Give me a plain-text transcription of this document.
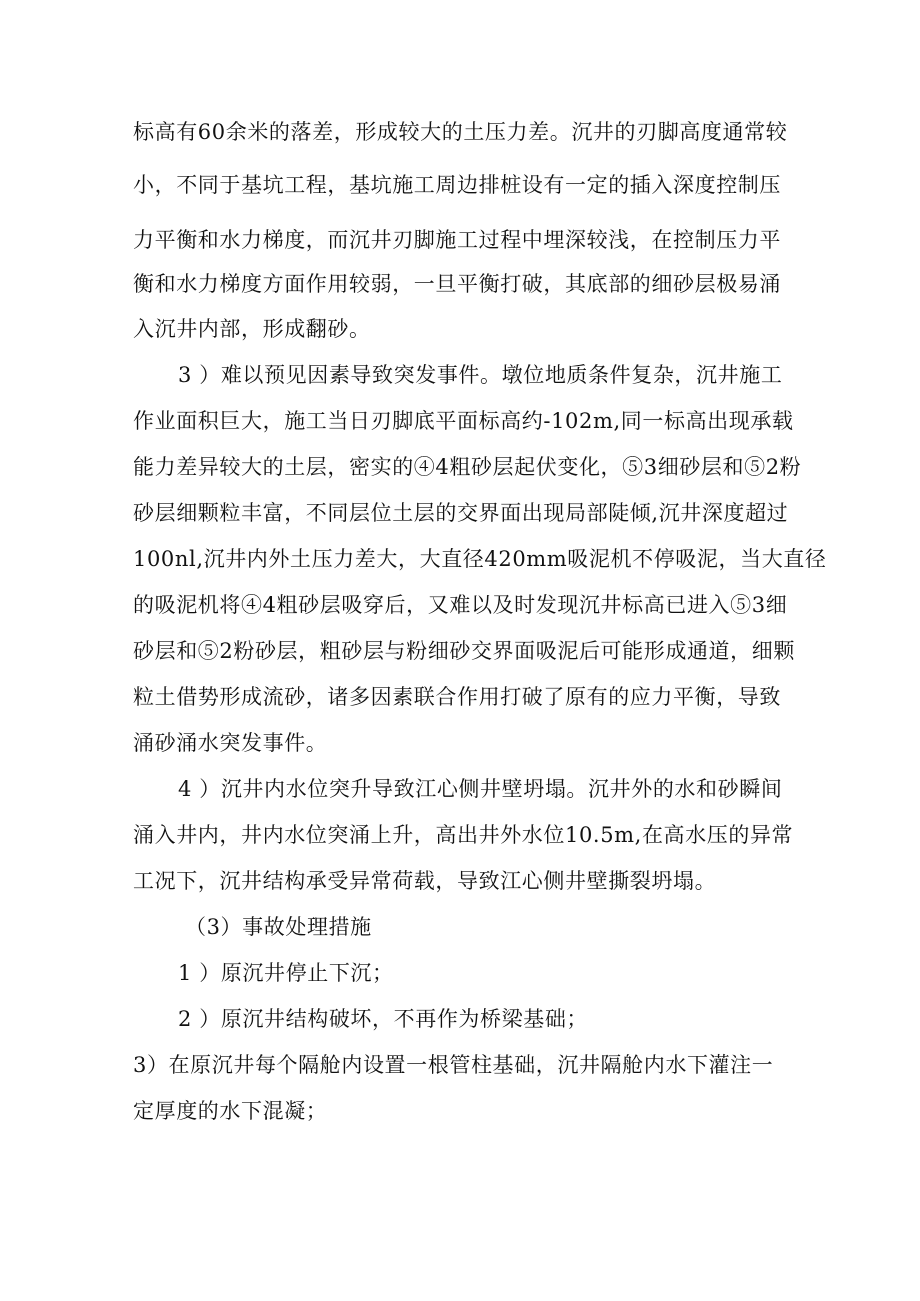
标高有60余米的落差，形成较大的土压力差。沉井的刃脚高度通常较
小，不同于基坑工程，基坑施工周边排桩设有一定的插入深度控制压
力平衡和水力梯度，而沉井刃脚施工过程中埋深较浅，在控制压力平
衡和水力梯度方面作用较弱，一旦平衡打破，其底部的细砂层极易涌
入沉井内部，形成翻砂。
3 ）难以预见因素导致突发事件。墩位地质条件复杂，沉井施工
作业面积巨大，施工当日刃脚底平面标高约-102m,同一标高出现承载
能力差异较大的土层，密实的④4粗砂层起伏变化，⑤3细砂层和⑤2粉
砂层细颗粒丰富，不同层位土层的交界面出现局部陡倾,沉井深度超过
100nl,沉井内外土压力差大，大直径420mm吸泥机不停吸泥，当大直径
的吸泥机将④4粗砂层吸穿后，又难以及时发现沉井标高已进入⑤3细
砂层和⑤2粉砂层，粗砂层与粉细砂交界面吸泥后可能形成通道，细颗
粒土借势形成流砂，诸多因素联合作用打破了原有的应力平衡，导致
涌砂涌水突发事件。
4 ）沉井内水位突升导致江心侧井壁坍塌。沉井外的水和砂瞬间
涌入井内，井内水位突涌上升，高出井外水位10.5m,在高水压的异常
工况下，沉井结构承受异常荷载，导致江心侧井壁撕裂坍塌。
（3）事故处理措施
1 ）原沉井停止下沉；
2 ）原沉井结构破坏，不再作为桥梁基础；
3）在原沉井每个隔舱内设置一根管柱基础，沉井隔舱内水下灌注一
定厚度的水下混凝；
